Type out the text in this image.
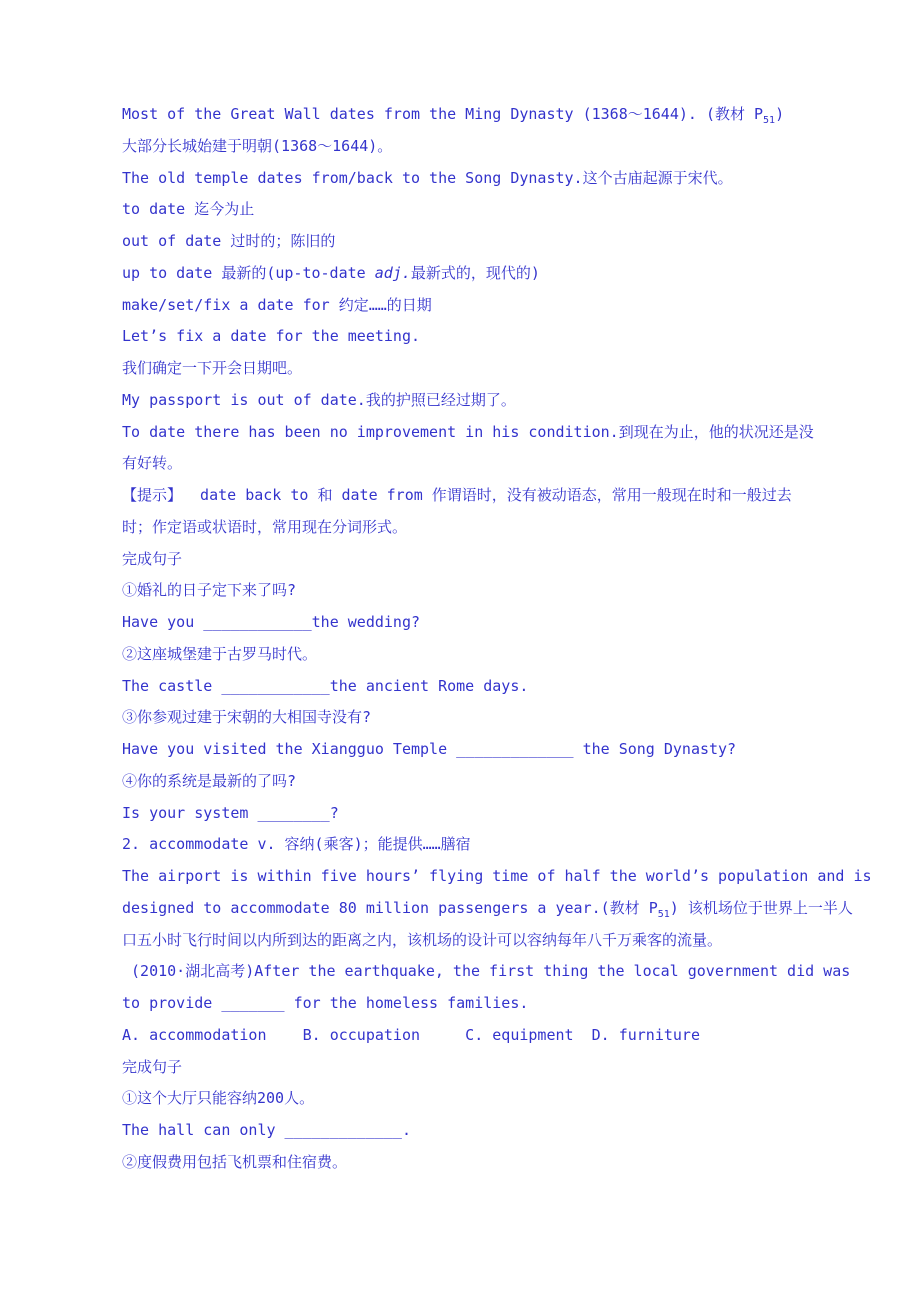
Most of the Great Wall dates from the Ming Dynasty (1368～1644). (教材 $P_{51}$)
大部分长城始建于明朝(1368～1644)。
The old temple dates from/back to the Song Dynasty.这个古庙起源于宋代。
to date 迄今为止
out of date 过时的；陈旧的
up to date 最新的(up-to-date adj.最新式的，现代的)
make/set/fix a date for 约定……的日期
Let’s fix a date for the meeting.
我们确定一下开会日期吧。
My passport is out of date.我的护照已经过期了。
To date there has been no improvement in his condition.到现在为止，他的状况还是没
有好转。
【提示】  date back to 和 date from 作谓语时，没有被动语态，常用一般现在时和一般过去
时；作定语或状语时，常用现在分词形式。
完成句子
①婚礼的日子定下来了吗?
Have you ____________the wedding?
②这座城堡建于古罗马时代。
The castle ____________the ancient Rome days.
③你参观过建于宋朝的大相国寺没有?
Have you visited the Xiangguo Temple _____________ the Song Dynasty?
④你的系统是最新的了吗?
Is your system ________?
2. accommodate v. 容纳(乘客)；能提供……膳宿
The airport is within five hours’ flying time of half the world’s population and is
designed to accommodate 80 million passengers a year.(教材 $P_{51}$) 该机场位于世界上一半人
口五小时飞行时间以内所到达的距离之内，该机场的设计可以容纳每年八千万乘客的流量。
(2010·湖北高考)After the earthquake, the first thing the local government did was
to provide _______ for the homeless families.
A. accommodation    B. occupation     C. equipment  D. furniture
完成句子
①这个大厅只能容纳200人。
The hall can only _____________.
②度假费用包括飞机票和住宿费。
